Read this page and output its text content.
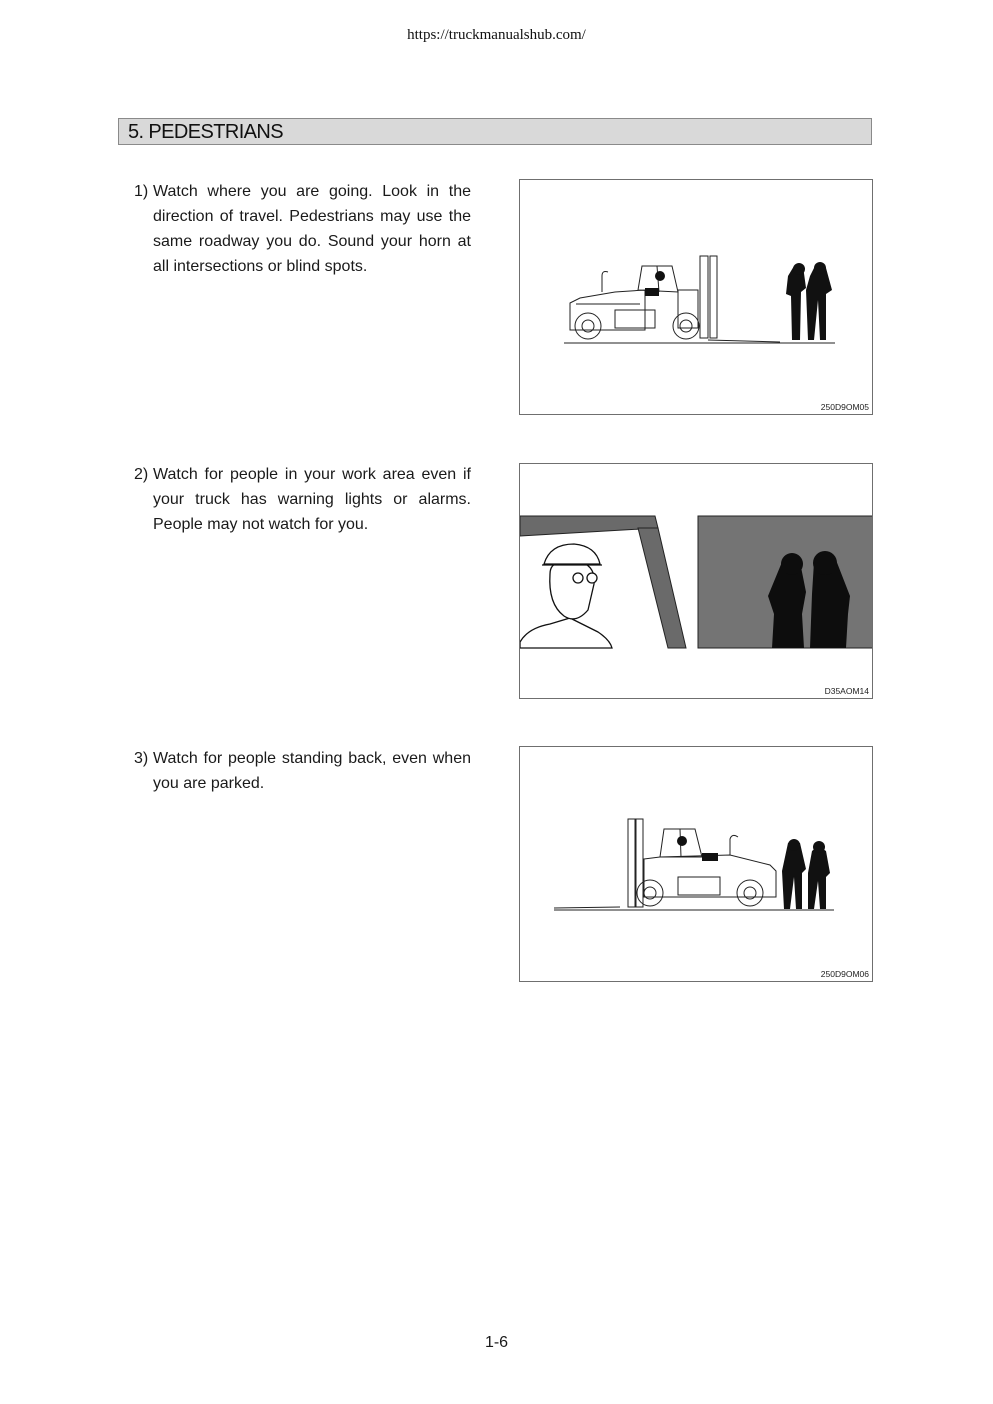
https://truckmanualshub.com/
5. PEDESTRIANS
1) Watch where you are going. Look in the direction of travel. Pedestrians may use the same roadway you do. Sound your horn at all intersections or blind spots.
250D9OM05
2) Watch for people in your work area even if your truck has warning lights or alarms. People may not watch for you.
D35AOM14
3) Watch for people standing back, even when you are parked.
250D9OM06
1-6
